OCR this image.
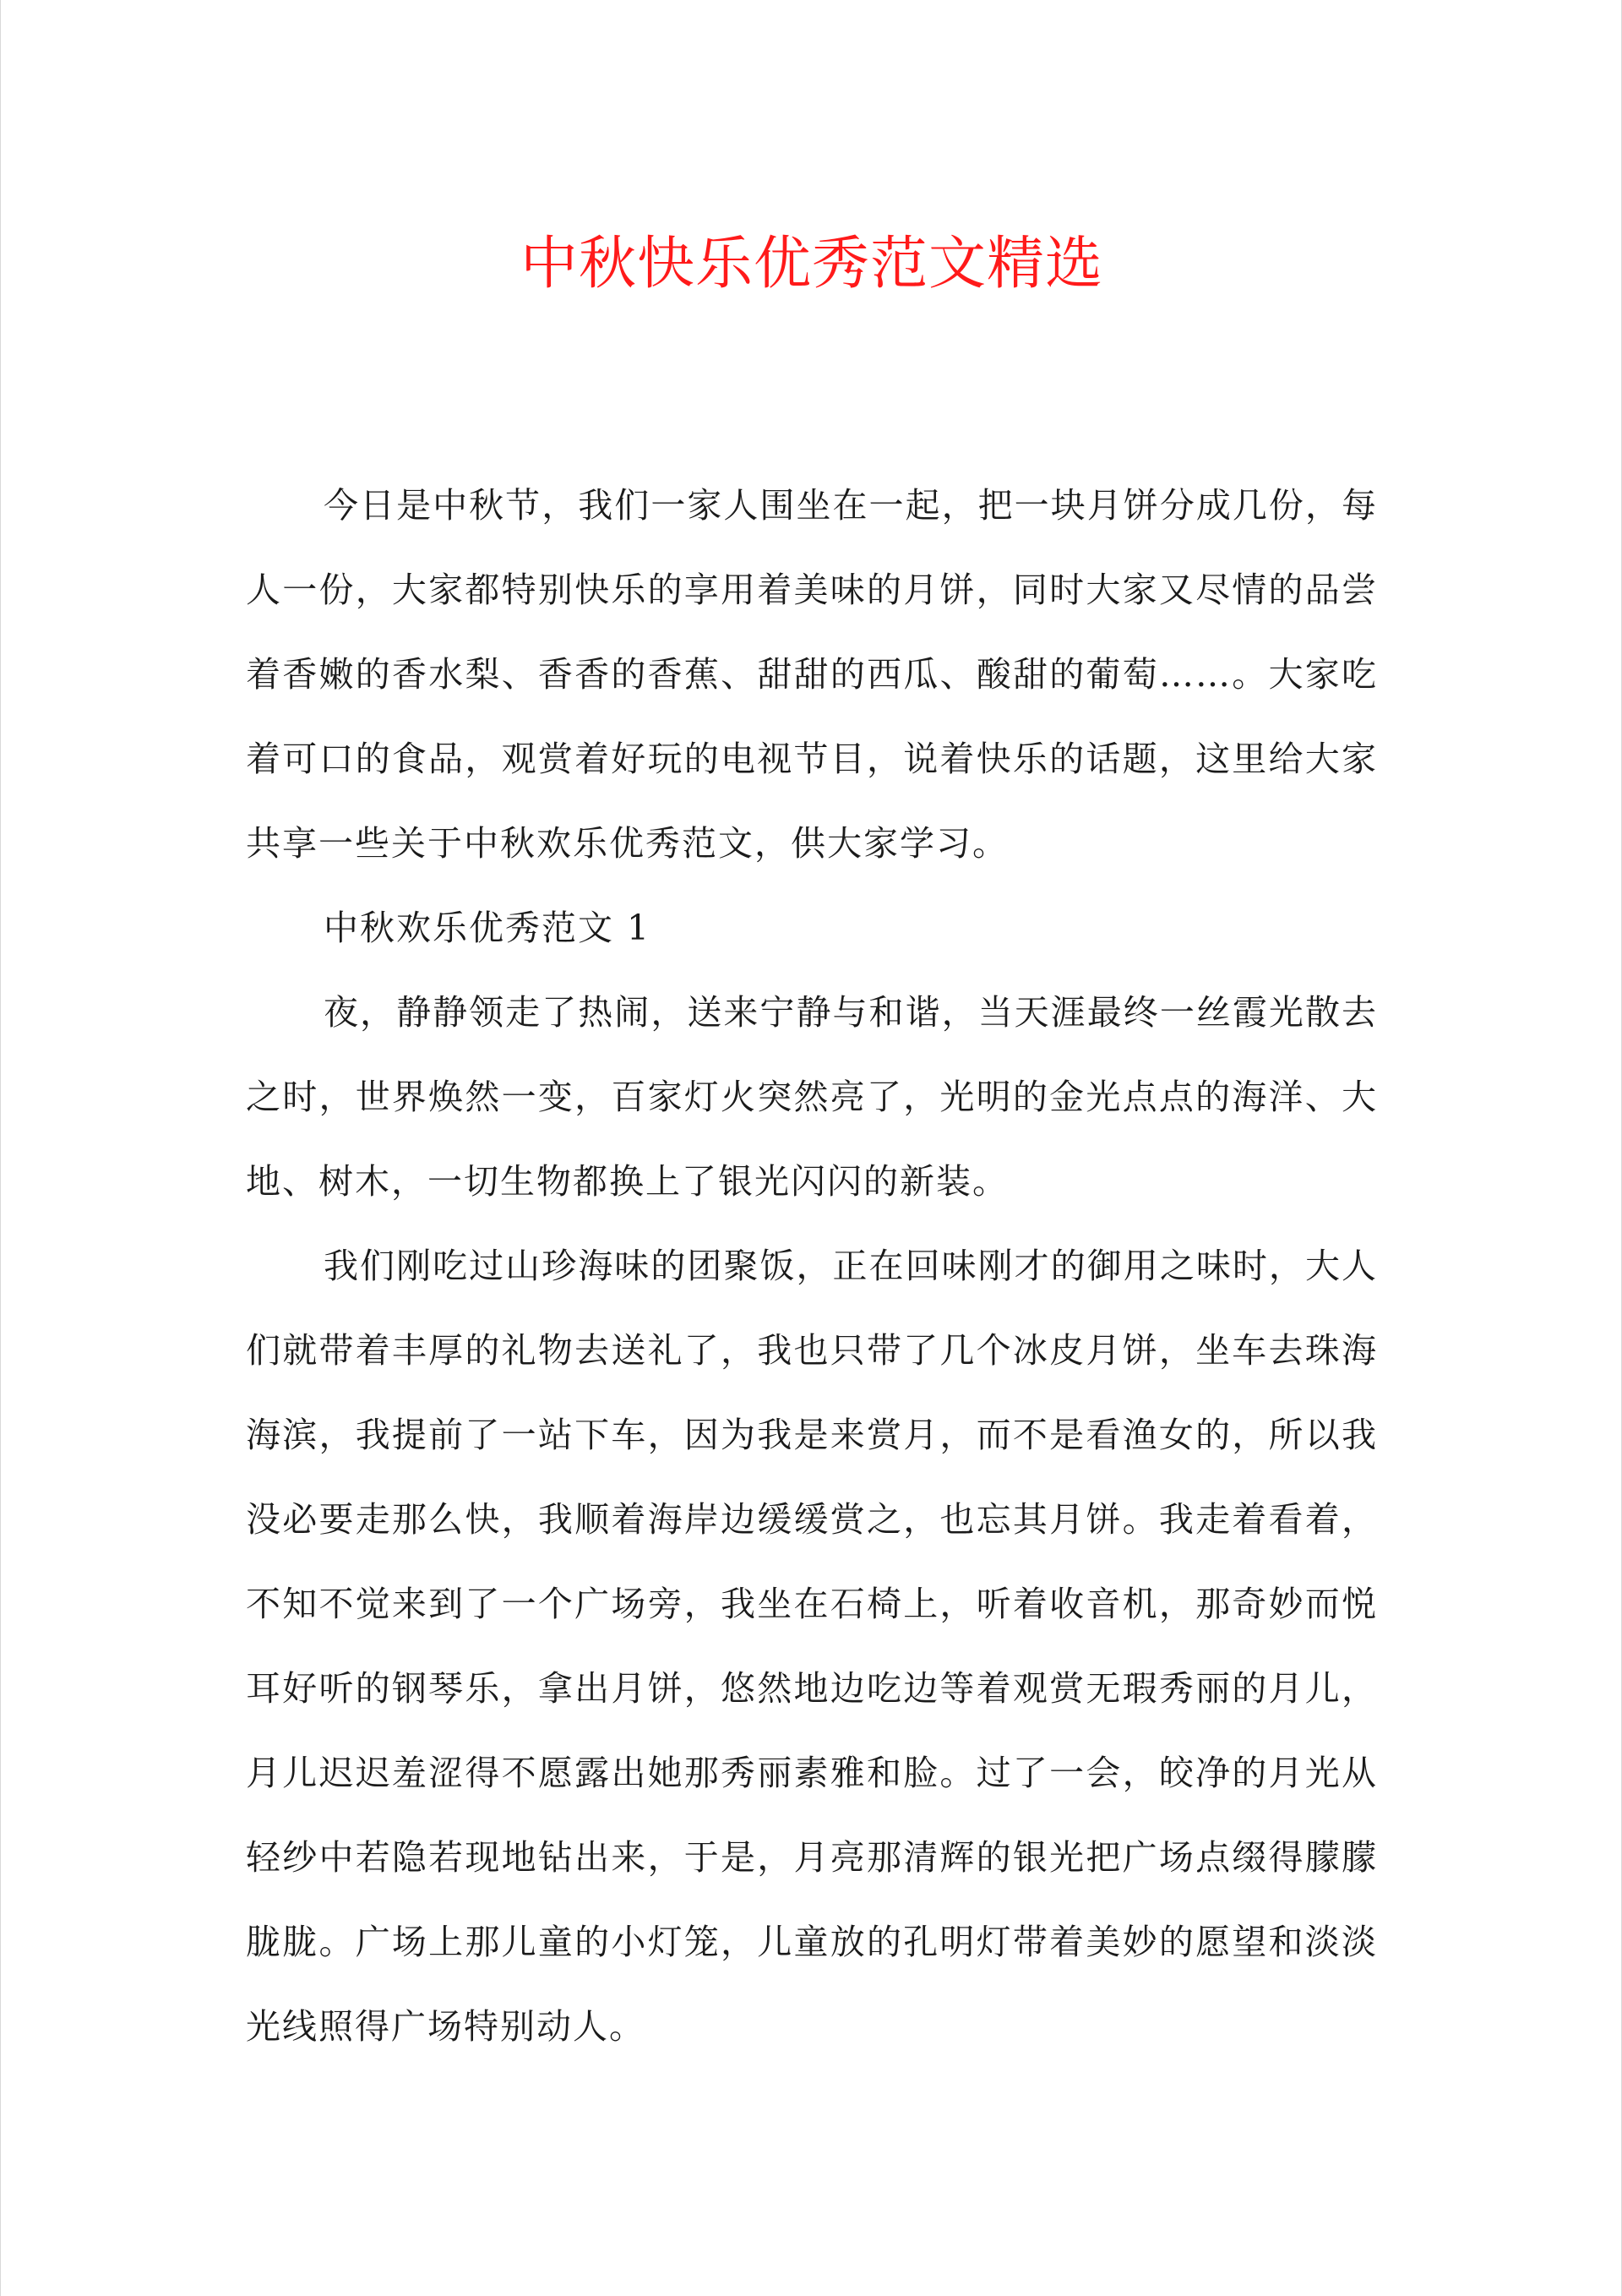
中秋快乐优秀范文精选

今日是中秋节，我们一家人围坐在一起，把一块月饼分成几份，每人一份，大家都特别快乐的享用着美味的月饼，同时大家又尽情的品尝着香嫩的香水梨、香香的香蕉、甜甜的西瓜、酸甜的葡萄……。大家吃着可口的食品，观赏着好玩的电视节目，说着快乐的话题，这里给大家共享一些关于中秋欢乐优秀范文，供大家学习。

中秋欢乐优秀范文 1

夜，静静领走了热闹，送来宁静与和谐，当天涯最终一丝霞光散去之时，世界焕然一变，百家灯火突然亮了，光明的金光点点的海洋、大地、树木，一切生物都换上了银光闪闪的新装。

我们刚吃过山珍海味的团聚饭，正在回味刚才的御用之味时，大人们就带着丰厚的礼物去送礼了，我也只带了几个冰皮月饼，坐车去珠海海滨，我提前了一站下车，因为我是来赏月，而不是看渔女的，所以我没必要走那么快，我顺着海岸边缓缓赏之，也忘其月饼。我走着看着，不知不觉来到了一个广场旁，我坐在石椅上，听着收音机，那奇妙而悦耳好听的钢琴乐，拿出月饼，悠然地边吃边等着观赏无瑕秀丽的月儿，月儿迟迟羞涩得不愿露出她那秀丽素雅和脸。过了一会，皎净的月光从轻纱中若隐若现地钻出来，于是，月亮那清辉的银光把广场点缀得朦朦胧胧。广场上那儿童的小灯笼，儿童放的孔明灯带着美妙的愿望和淡淡光线照得广场特别动人。
